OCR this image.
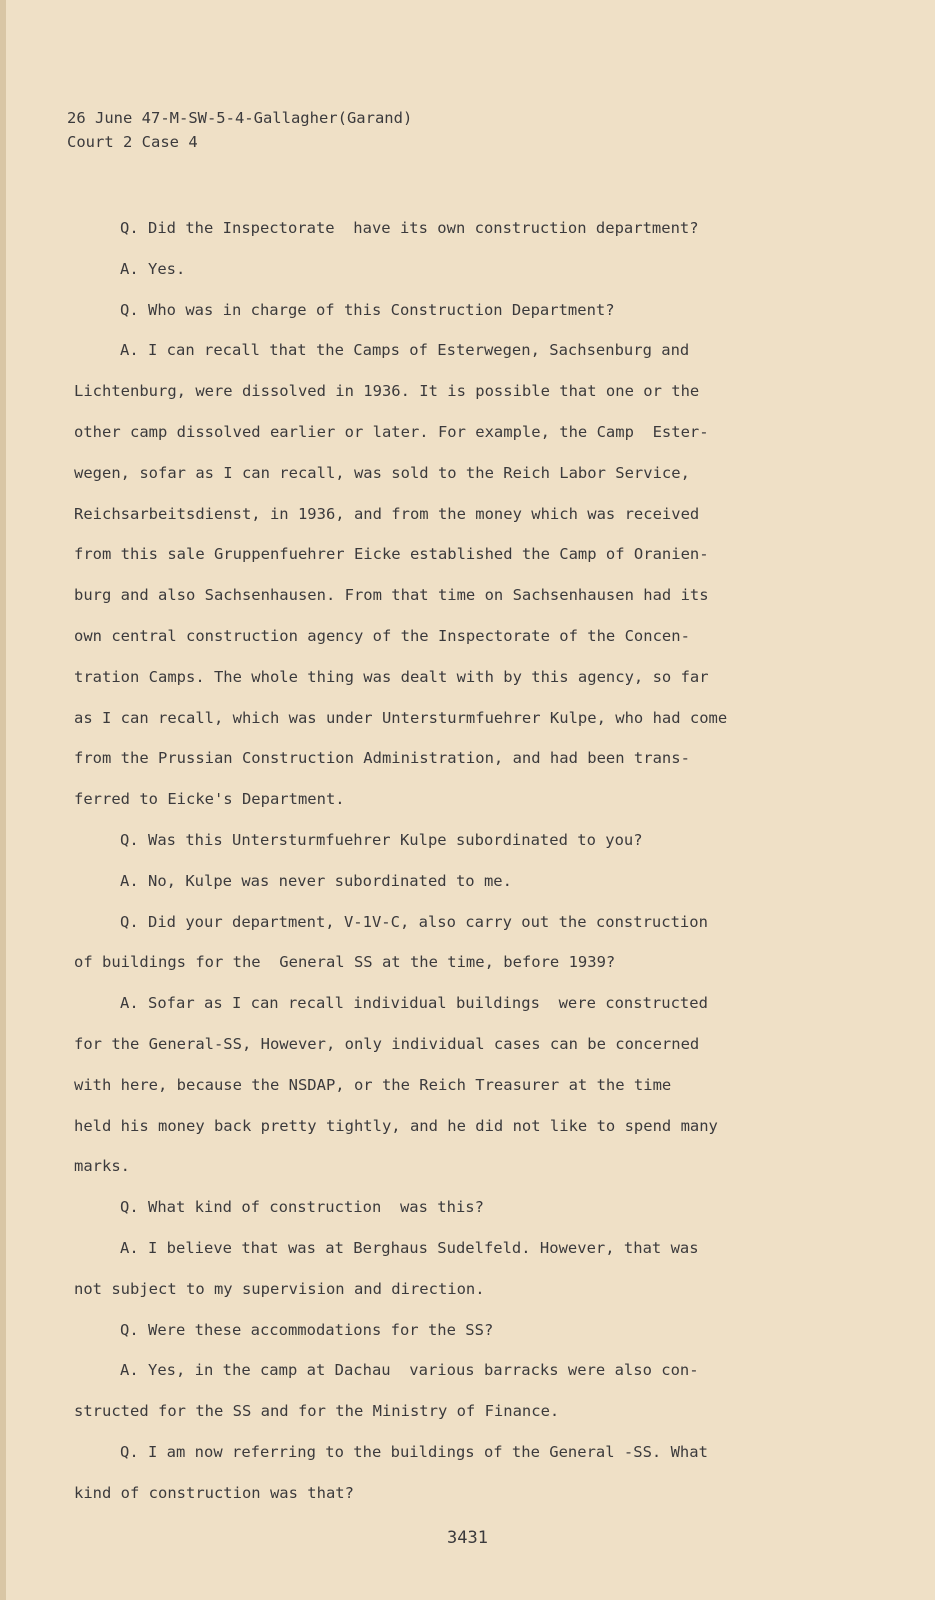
26 June 47-M-SW-5-4-Gallagher(Garand)
Court 2 Case 4
Q. Did the Inspectorate  have its own construction department?
A. Yes.
Q. Who was in charge of this Construction Department?
A. I can recall that the Camps of Esterwegen, Sachsenburg and
Lichtenburg, were dissolved in 1936. It is possible that one or the
other camp dissolved earlier or later. For example, the Camp  Ester-
wegen, sofar as I can recall, was sold to the Reich Labor Service,
Reichsarbeitsdienst, in 1936, and from the money which was received
from this sale Gruppenfuehrer Eicke established the Camp of Oranien-
burg and also Sachsenhausen. From that time on Sachsenhausen had its
own central construction agency of the Inspectorate of the Concen-
tration Camps. The whole thing was dealt with by this agency, so far
as I can recall, which was under Untersturmfuehrer Kulpe, who had come
from the Prussian Construction Administration, and had been trans-
ferred to Eicke's Department.
Q. Was this Untersturmfuehrer Kulpe subordinated to you?
A. No, Kulpe was never subordinated to me.
Q. Did your department, V-1V-C, also carry out the construction
of buildings for the  General SS at the time, before 1939?
A. Sofar as I can recall individual buildings  were constructed
for the General-SS, However, only individual cases can be concerned
with here, because the NSDAP, or the Reich Treasurer at the time
held his money back pretty tightly, and he did not like to spend many
marks.
Q. What kind of construction  was this?
A. I believe that was at Berghaus Sudelfeld. However, that was
not subject to my supervision and direction.
Q. Were these accommodations for the SS?
A. Yes, in the camp at Dachau  various barracks were also con-
structed for the SS and for the Ministry of Finance.
Q. I am now referring to the buildings of the General -SS. What
kind of construction was that?
3431
